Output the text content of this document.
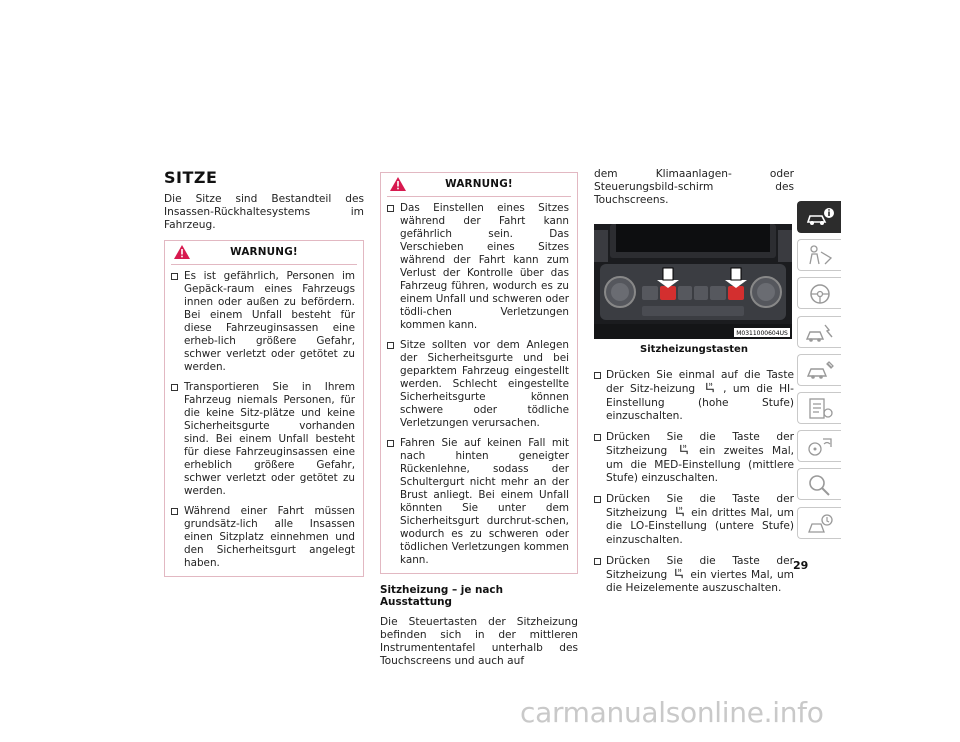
SITZE
Die Sitze sind Bestandteil des Insassen-Rückhaltesystems im Fahrzeug.
WARNUNG!
Es ist gefährlich, Personen im Gepäck-raum eines Fahrzeugs innen oder außen zu befördern. Bei einem Unfall besteht für diese Fahrzeuginsassen eine erheb-lich größere Gefahr, schwer verletzt oder getötet zu werden.
Transportieren Sie in Ihrem Fahrzeug niemals Personen, für die keine Sitz-plätze und keine Sicherheitsgurte vorhanden sind. Bei einem Unfall besteht für diese Fahrzeuginsassen eine erheblich größere Gefahr, schwer verletzt oder getötet zu werden.
Während einer Fahrt müssen grundsätz-lich alle Insassen einen Sitzplatz einnehmen und den Sicherheitsgurt angelegt haben.
WARNUNG!
Das Einstellen eines Sitzes während der Fahrt kann gefährlich sein. Das Verschieben eines Sitzes während der Fahrt kann zum Verlust der Kontrolle über das Fahrzeug führen, wodurch es zu einem Unfall und schweren oder tödli-chen Verletzungen kommen kann.
Sitze sollten vor dem Anlegen der Sicherheitsgurte und bei geparktem Fahrzeug eingestellt werden. Schlecht eingestellte Sicherheitsgurte können schwere oder tödliche Verletzungen verursachen.
Fahren Sie auf keinen Fall mit nach hinten geneigter Rückenlehne, sodass der Schultergurt nicht mehr an der Brust anliegt. Bei einem Unfall könnten Sie unter dem Sicherheitsgurt durchrut-schen, wodurch es zu schweren oder tödlichen Verletzungen kommen kann.
Sitzheizung – je nach Ausstattung
Die Steuertasten der Sitzheizung befinden sich in der mittleren Instrumententafel unterhalb des Touchscreens und auch auf
dem Klimaanlagen- oder Steuerungsbild-schirm des Touchscreens.
M0311000604US
Sitzheizungstasten
Drücken Sie einmal auf die Taste der Sitz-heizung	, um die HI-Einstellung (hohe Stufe) einzuschalten.
Drücken Sie die Taste der Sitzheizung	ein zweites Mal, um die MED-Einstellung (mittlere Stufe) einzuschalten.
Drücken Sie die Taste der Sitzheizung ein drittes Mal, um die LO-Einstellung (untere Stufe) einzuschalten.
Drücken Sie die Taste der Sitzheizung ein viertes Mal, um die Heizelemente auszuschalten.
29
carmanualsonline.info
